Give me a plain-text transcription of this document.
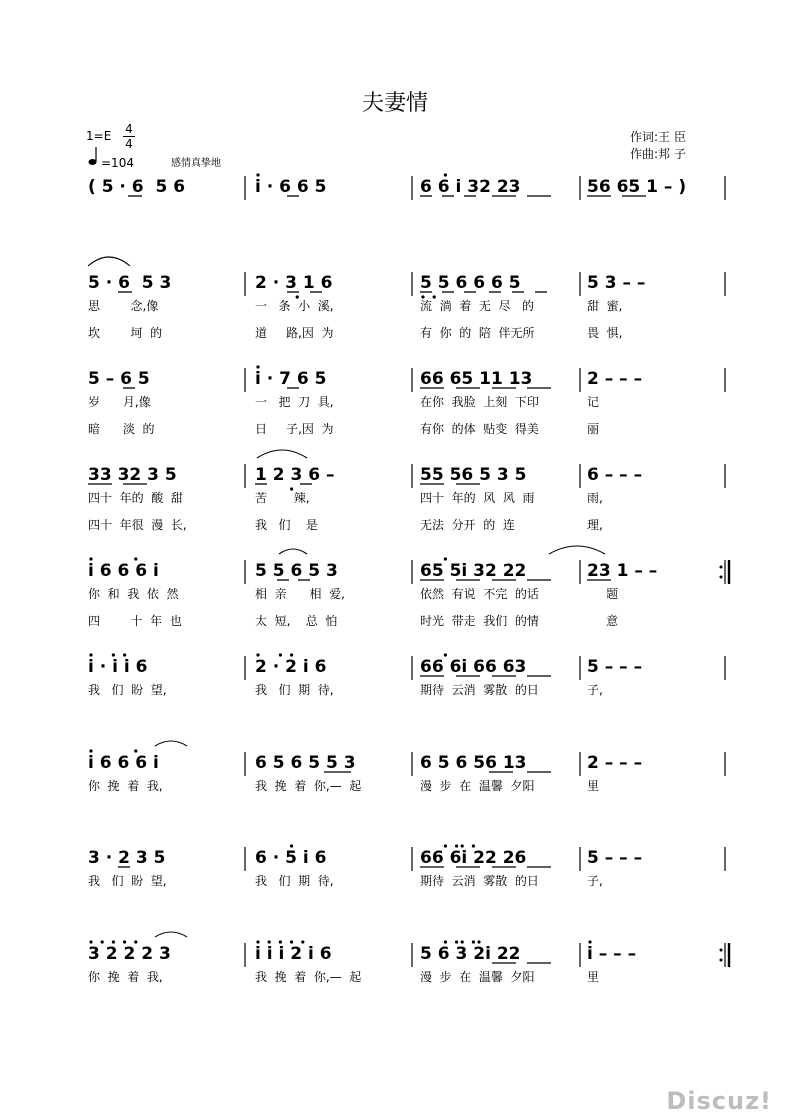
夫妻情
$1=E \frac{4}{4}$
=104	感情真挚地
作词:王 臣
作曲:邦 子
( 5 · 6  5 6	i · 6 6 5	6 6 i 32 23	56 65 1 – )
5 · 6  5 3	2 · 3 1 6	5 5 6 6 6 5	5 3 – –
思        念,像	一   条  小  溪,	流  淌  着  无  尽   的	甜  蜜,
坎        坷  的	道     路,因  为	有  你  的  陪  伴无所	畏  惧,
5 – 6 5	i · 7 6 5	66 65 11 13	2 – – –
岁      月,像	一   把  刀  具,	在你  我脸  上刻  下印	记
暗      淡  的	日     子,因  为	有你  的体  贴变  得美	丽
33 32 3 5	1 2 3 6 –	55 56 5 3 5	6 – – –
四十  年的  酸  甜	苦       辣,	四十  年的  风  风  雨	雨,
四十  年很  漫  长,	我   们    是	无法  分开  的  连	理,
i 6 6 6 i	5 5 6 5 3	65 5i 32 22	23 1 – –
你  和  我  依  然	相  亲      相  爱,	依然  有说  不完  的话	题
四        十  年  也	太  短,    总  怕	时光  带走  我们  的情	意
i · i i 6	2 · 2 i 6	66 6i 66 63	5 – – –
我   们  盼  望,	我   们  期  待,	期待  云消  雾散  的日	子,
i 6 6 6 i	6 5 6 5 5 3	6 5 6 56 13	2 – – –
你  挽  着  我,	我  挽  着  你,—  起	漫  步  在  温馨  夕阳	里
3 · 2 3 5	6 · 5 i 6	66 6i 22 26	5 – – –
我   们  盼  望,	我   们  期  待,	期待  云消  雾散  的日	子,
3 2 2 2 3	i i i 2 i 6	5 6 3 2i 22	i – – –
你  挽  着  我,	我  挽  着  你,—  起	漫  步  在  温馨  夕阳	里
Discuz!
